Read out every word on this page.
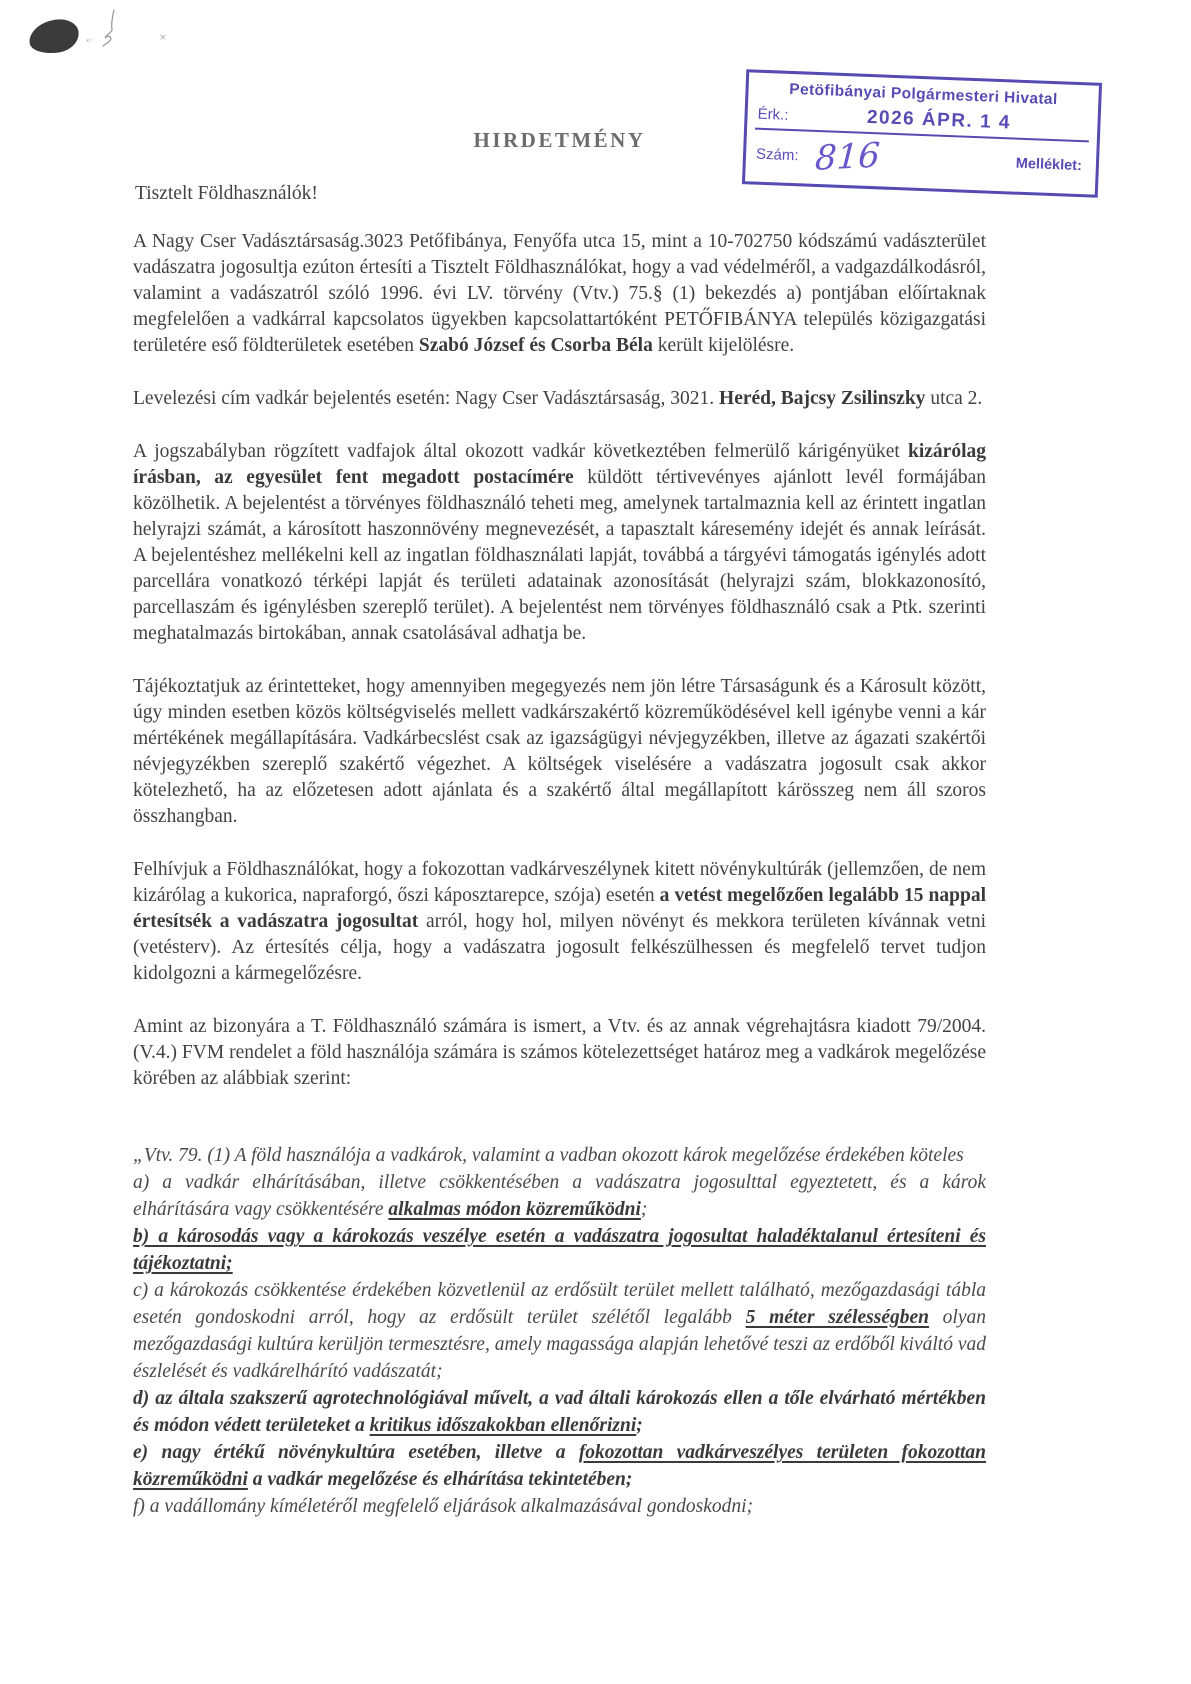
‹·	×
Petöfibányai Polgármesteri Hivatal
Érk.:	2026 ÁPR. 1 4
Szám: 816	Melléklet:
HIRDETMÉNY
Tisztelt Földhasználók!

A Nagy Cser Vadásztársaság.3023 Petőfibánya, Fenyőfa utca 15, mint a 10-702750 kódszámú vadászterület vadászatra jogosultja ezúton értesíti a Tisztelt Földhasználókat, hogy a vad védelméről, a vadgazdálkodásról, valamint a vadászatról szóló 1996. évi LV. törvény (Vtv.) 75.§ (1) bekezdés a) pontjában előírtaknak megfelelően a vadkárral kapcsolatos ügyekben kapcsolattartóként PETŐFIBÁNYA település közigazgatási területére eső földterületek esetében Szabó József és Csorba Béla került kijelölésre.

Levelezési cím vadkár bejelentés esetén: Nagy Cser Vadásztársaság, 3021. Heréd, Bajcsy Zsilinszky utca 2.

A jogszabályban rögzített vadfajok által okozott vadkár következtében felmerülő kárigényüket kizárólag írásban, az egyesület fent megadott postacímére küldött tértivevényes ajánlott levél formájában közölhetik. A bejelentést a törvényes földhasználó teheti meg, amelynek tartalmaznia kell az érintett ingatlan helyrajzi számát, a károsított haszonnövény megnevezését, a tapasztalt káresemény idejét és annak leírását. A bejelentéshez mellékelni kell az ingatlan földhasználati lapját, továbbá a tárgyévi támogatás igénylés adott parcellára vonatkozó térképi lapját és területi adatainak azonosítását (helyrajzi szám, blokkazonosító, parcellaszám és igénylésben szereplő terület). A bejelentést nem törvényes földhasználó csak a Ptk. szerinti meghatalmazás birtokában, annak csatolásával adhatja be.

Tájékoztatjuk az érintetteket, hogy amennyiben megegyezés nem jön létre Társaságunk és a Károsult között, úgy minden esetben közös költségviselés mellett vadkárszakértő közreműködésével kell igénybe venni a kár mértékének megállapítására. Vadkárbecslést csak az igazságügyi névjegyzékben, illetve az ágazati szakértői névjegyzékben szereplő szakértő végezhet. A költségek viselésére a vadászatra jogosult csak akkor kötelezhető, ha az előzetesen adott ajánlata és a szakértő által megállapított kárösszeg nem áll szoros összhangban.

Felhívjuk a Földhasználókat, hogy a fokozottan vadkárveszélynek kitett növénykultúrák (jellemzően, de nem kizárólag a kukorica, napraforgó, őszi káposztarepce, szója) esetén a vetést megelőzően legalább 15 nappal értesítsék a vadászatra jogosultat arról, hogy hol, milyen növényt és mekkora területen kívánnak vetni (vetésterv). Az értesítés célja, hogy a vadászatra jogosult felkészülhessen és megfelelő tervet tudjon kidolgozni a kármegelőzésre.

Amint az bizonyára a T. Földhasználó számára is ismert, a Vtv. és az annak végrehajtásra kiadott 79/2004. (V.4.) FVM rendelet a föld használója számára is számos kötelezettséget határoz meg a vadkárok megelőzése körében az alábbiak szerint:

„Vtv. 79. (1) A föld használója a vadkárok, valamint a vadban okozott károk megelőzése érdekében köteles

a) a vadkár elhárításában, illetve csökkentésében a vadászatra jogosulttal egyeztetett, és a károk elhárítására vagy csökkentésére alkalmas módon közreműködni;

b) a károsodás vagy a károkozás veszélye esetén a vadászatra jogosultat haladéktalanul értesíteni és tájékoztatni;

c) a károkozás csökkentése érdekében közvetlenül az erdősült terület mellett található, mezőgazdasági tábla esetén gondoskodni arról, hogy az erdősült terület szélétől legalább 5 méter szélességben olyan mezőgazdasági kultúra kerüljön termesztésre, amely magassága alapján lehetővé teszi az erdőből kiváltó vad észlelését és vadkárelhárító vadászatát;

d) az általa szakszerű agrotechnológiával művelt, a vad általi károkozás ellen a tőle elvárható mértékben és módon védett területeket a kritikus időszakokban ellenőrizni;

e) nagy értékű növénykultúra esetében, illetve a fokozottan vadkárveszélyes területen fokozottan közreműködni a vadkár megelőzése és elhárítása tekintetében;

f) a vadállomány kíméletéről megfelelő eljárások alkalmazásával gondoskodni;
